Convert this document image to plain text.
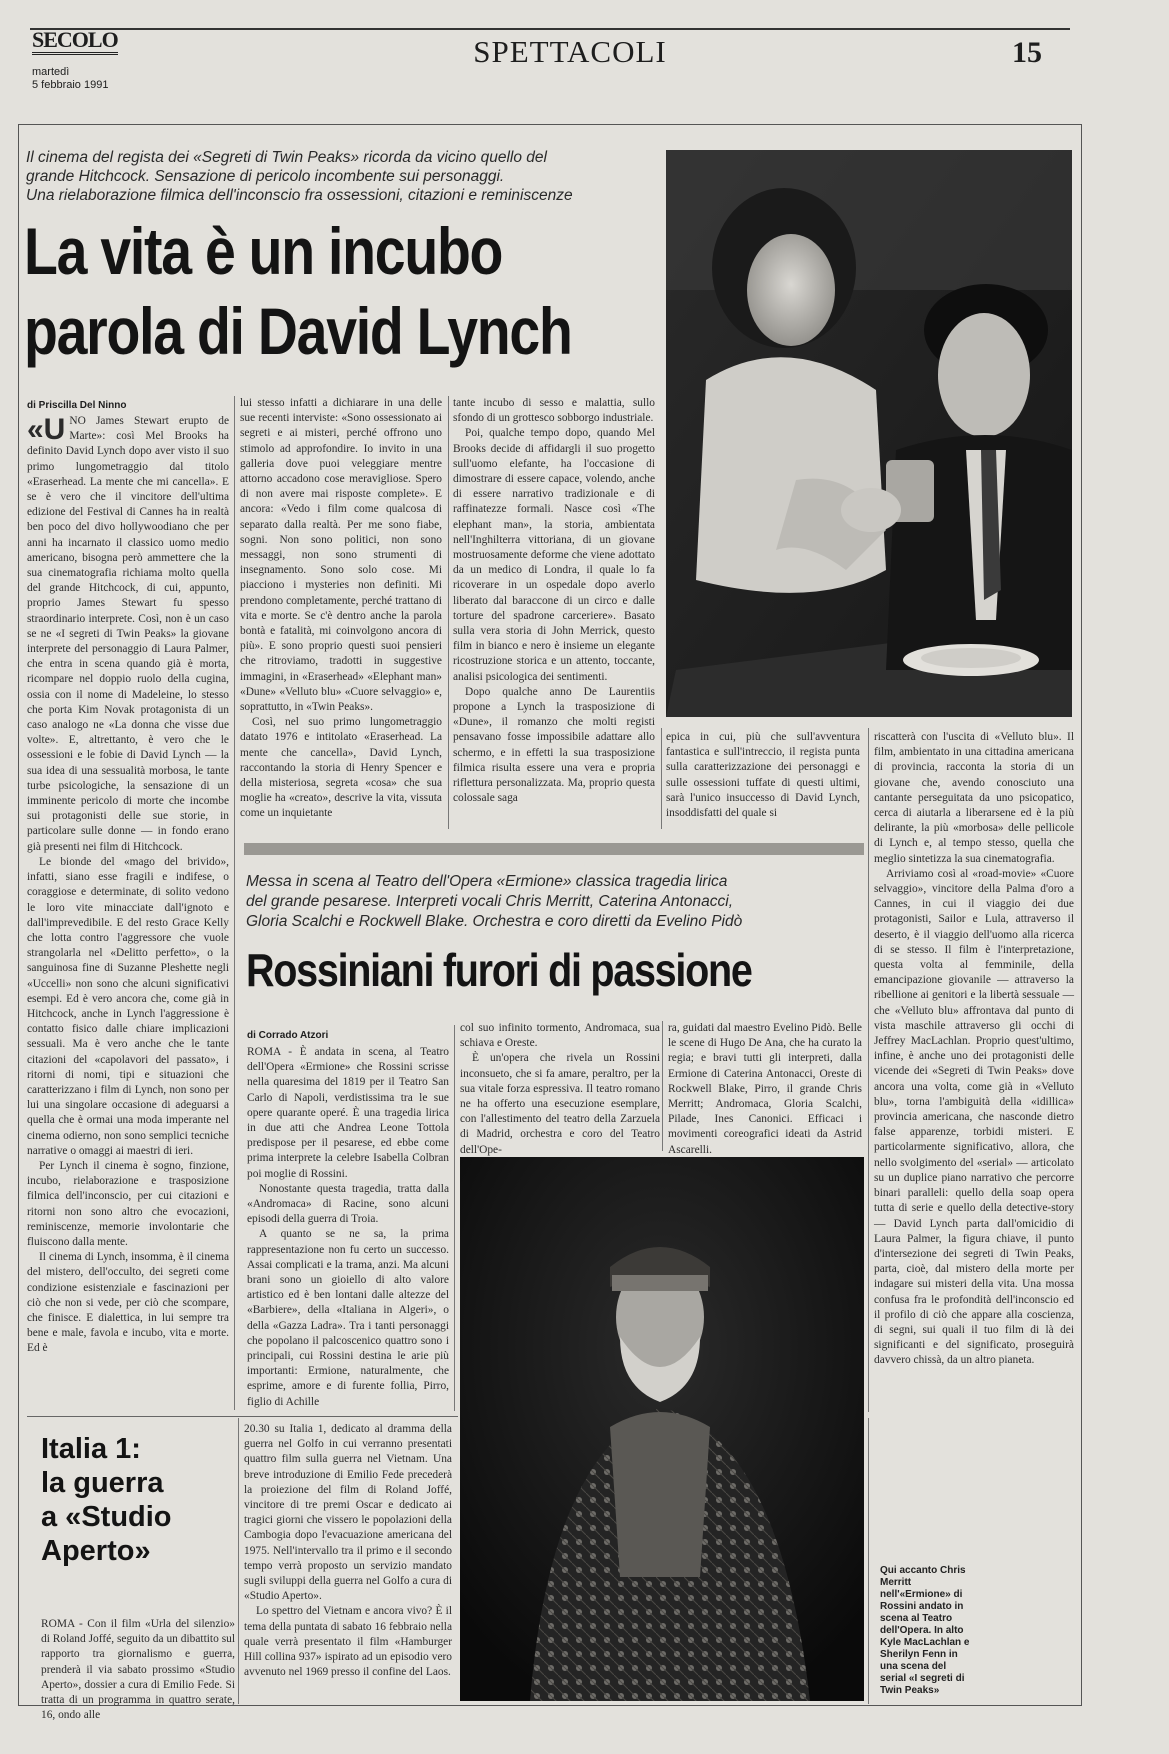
SECOLO
martedì
5 febbraio 1991
SPETTACOLI	15
Il cinema del regista dei «Segreti di Twin Peaks» ricorda da vicino quello del
grande Hitchcock. Sensazione di pericolo incombente sui personaggi.
Una rielaborazione filmica dell'inconscio fra ossessioni, citazioni e reminiscenze
La vita è un incubo
parola di David Lynch
di Priscilla Del Ninno

«UNO James Stewart erupto de Marte»: così Mel Brooks ha definito David Lynch dopo aver visto il suo primo lungometraggio dal titolo «Eraserhead. La mente che mi cancella». E se è vero che il vincitore dell'ultima edizione del Festival di Cannes ha in realtà ben poco del divo hollywoodiano che per anni ha incarnato il classico uomo medio americano, bisogna però ammettere che la sua cinematografia richiama molto quella del grande Hitchcock, di cui, appunto, proprio James Stewart fu spesso straordinario interprete. Così, non è un caso se ne «I segreti di Twin Peaks» la giovane interprete del personaggio di Laura Palmer, che entra in scena quando già è morta, ricompare nel doppio ruolo della cugina, ossia con il nome di Madeleine, lo stesso che porta Kim Novak protagonista di un caso analogo ne «La donna che visse due volte». E, altrettanto, è vero che le ossessioni e le fobie di David Lynch — la sua idea di una sessualità morbosa, le tante turbe psicologiche, la sensazione di un imminente pericolo di morte che incombe sui protagonisti delle sue storie, in particolare sulle donne — in fondo erano già presenti nei film di Hitchcock.

Le bionde del «mago del brivido», infatti, siano esse fragili e indifese, o coraggiose e determinate, di solito vedono le loro vite minacciate dall'ignoto e dall'imprevedibile. E del resto Grace Kelly che lotta contro l'aggressore che vuole strangolarla nel «Delitto perfetto», o la sanguinosa fine di Suzanne Pleshette negli «Uccelli» non sono che alcuni significativi esempi. Ed è vero ancora che, come già in Hitchcock, anche in Lynch l'aggressione è contatto fisico dalle chiare implicazioni sessuali. Ma è vero anche che le tante citazioni del «capolavori del passato», i ritorni di nomi, tipi e situazioni che caratterizzano i film di Lynch, non sono per lui una singolare occasione di adeguarsi a quella che è ormai una moda imperante nel cinema odierno, non sono semplici tecniche narrative o omaggi ai maestri di ieri.

Per Lynch il cinema è sogno, finzione, incubo, rielaborazione e trasposizione filmica dell'inconscio, per cui citazioni e ritorni non sono altro che evocazioni, reminiscenze, memorie involontarie che fluiscono dalla mente.

Il cinema di Lynch, insomma, è il cinema del mistero, dell'occulto, dei segreti come condizione esistenziale e fascinazioni per ciò che non si vede, per ciò che scompare, che finisce. E dialettica, in lui sempre tra bene e male, favola e incubo, vita e morte. Ed è

lui stesso infatti a dichiarare in una delle sue recenti interviste: «Sono ossessionato ai segreti e ai misteri, perché offrono uno stimolo ad approfondire. Io invito in una galleria dove puoi veleggiare mentre attorno accadono cose meravigliose. Spero di non avere mai risposte complete». E ancora: «Vedo i film come qualcosa di separato dalla realtà. Per me sono fiabe, sogni. Non sono politici, non sono messaggi, non sono strumenti di insegnamento. Sono solo cose. Mi piacciono i mysteries non definiti. Mi prendono completamente, perché trattano di vita e morte. Se c'è dentro anche la parola bontà e fatalità, mi coinvolgono ancora di più». E sono proprio questi suoi pensieri che ritroviamo, tradotti in suggestive immagini, in «Eraserhead» «Elephant man» «Dune» «Velluto blu» «Cuore selvaggio» e, soprattutto, in «Twin Peaks».

Così, nel suo primo lungometraggio datato 1976 e intitolato «Eraserhead. La mente che cancella», David Lynch, raccontando la storia di Henry Spencer e della misteriosa, segreta «cosa» che sua moglie ha «creato», descrive la vita, vissuta come un inquietante

tante incubo di sesso e malattia, sullo sfondo di un grottesco sobborgo industriale.

Poi, qualche tempo dopo, quando Mel Brooks decide di affidargli il suo progetto sull'uomo elefante, ha l'occasione di dimostrare di essere capace, volendo, anche di essere narrativo tradizionale e di raffinatezze formali. Nasce così «The elephant man», la storia, ambientata nell'Inghilterra vittoriana, di un giovane mostruosamente deforme che viene adottato da un medico di Londra, il quale lo fa ricoverare in un ospedale dopo averlo liberato dal baraccone di un circo e dalle torture del spadrone carceriere». Basato sulla vera storia di John Merrick, questo film in bianco e nero è insieme un elegante ricostruzione storica e un attento, toccante, analisi psicologica dei sentimenti.

Dopo qualche anno De Laurentiis propone a Lynch la trasposizione di «Dune», il romanzo che molti registi pensavano fosse impossibile adattare allo schermo, e in effetti la sua trasposizione filmica risulta essere una vera e propria riflettura personalizzata. Ma, proprio questa colossale saga

epica in cui, più che sull'avventura fantastica e sull'intreccio, il regista punta sulla caratterizzazione dei personaggi e sulle ossessioni tuffate di questi ultimi, sarà l'unico insuccesso di David Lynch, insoddisfatti del quale si

riscatterà con l'uscita di «Velluto blu». Il film, ambientato in una cittadina americana di provincia, racconta la storia di un giovane che, avendo conosciuto una cantante perseguitata da uno psicopatico, cerca di aiutarla a liberarsene ed è la più delirante, la più «morbosa» delle pellicole di Lynch e, al tempo stesso, quella che meglio sintetizza la sua cinematografia.

Arriviamo così al «road-movie» «Cuore selvaggio», vincitore della Palma d'oro a Cannes, in cui il viaggio dei due protagonisti, Sailor e Lula, attraverso il deserto, è il viaggio dell'uomo alla ricerca di se stesso. Il film è l'interpretazione, questa volta al femminile, della emancipazione giovanile — attraverso la ribellione ai genitori e la libertà sessuale — che «Velluto blu» affrontava dal punto di vista maschile attraverso gli occhi di Jeffrey MacLachlan. Proprio quest'ultimo, infine, è anche uno dei protagonisti delle vicende dei «Segreti di Twin Peaks» dove ancora una volta, come già in «Velluto blu», torna l'ambiguità della «idillica» provincia americana, che nasconde dietro false apparenze, torbidi misteri. E particolarmente significativo, allora, che nello svolgimento del «serial» — articolato su un duplice piano narrativo che percorre binari paralleli: quello della soap opera tutta di serie e quello della detective-story — David Lynch parta dall'omicidio di Laura Palmer, la figura chiave, il punto d'intersezione dei segreti di Twin Peaks, parta, cioè, dal mistero della morte per indagare sui misteri della vita. Una mossa confusa fra le profondità dell'inconscio ed il profilo di ciò che appare alla coscienza, di segni, sui quali il tuo film di là dei significanti e del significato, proseguirà davvero chissà, da un altro pianeta.

Messa in scena al Teatro dell'Opera «Ermione» classica tragedia lirica
del grande pesarese. Interpreti vocali Chris Merritt, Caterina Antonacci,
Gloria Scalchi e Rockwell Blake. Orchestra e coro diretti da Evelino Pidò
Rossiniani furori di passione
di Corrado Atzori

ROMA - È andata in scena, al Teatro dell'Opera «Ermione» che Rossini scrisse nella quaresima del 1819 per il Teatro San Carlo di Napoli, verdistissima tra le sue opere quarante operé. È una tragedia lirica in due atti che Andrea Leone Tottola predispose per il pesarese, ed ebbe come prima interprete la celebre Isabella Colbran poi moglie di Rossini.

Nonostante questa tragedia, tratta dalla «Andromaca» di Racine, sono alcuni episodi della guerra di Troia.

A quanto se ne sa, la prima rappresentazione non fu certo un successo. Assai complicati e la trama, anzi. Ma alcuni brani sono un gioiello di alto valore artistico ed è ben lontani dalle altezze del «Barbiere», della «Italiana in Algeri», o della «Gazza Ladra». Tra i tanti personaggi che popolano il palcoscenico quattro sono i principali, cui Rossini destina le arie più importanti: Ermione, naturalmente, che esprime, amore e di furente follia, Pirro, figlio di Achille

col suo infinito tormento, Andromaca, sua schiava e Oreste.

È un'opera che rivela un Rossini inconsueto, che si fa amare, peraltro, per la sua vitale forza espressiva. Il teatro romano ne ha offerto una esecuzione esemplare, con l'allestimento del teatro della Zarzuela di Madrid, orchestra e coro del Teatro dell'Ope-

ra, guidati dal maestro Evelino Pidò. Belle le scene di Hugo De Ana, che ha curato la regia; e bravi tutti gli interpreti, dalla Ermione di Caterina Antonacci, Oreste di Rockwell Blake, Pirro, il grande Chris Merritt; Andromaca, Gloria Scalchi, Pilade, Ines Canonici. Efficaci i movimenti coreografici ideati da Astrid Ascarelli.

Qui accanto Chris Merritt nell'«Ermione» di Rossini andato in scena al Teatro dell'Opera. In alto Kyle MacLachlan e Sherilyn Fenn in una scena del serial «I segreti di Twin Peaks»
Italia 1:
la guerra
a «Studio
Aperto»

ROMA - Con il film «Urla del silenzio» di Roland Joffé, seguito da un dibattito sul rapporto tra giornalismo e guerra, prenderà il via sabato prossimo «Studio Aperto», dossier a cura di Emilio Fede. Si tratta di un programma in quattro serate, 16, ondo alle

20.30 su Italia 1, dedicato al dramma della guerra nel Golfo in cui verranno presentati quattro film sulla guerra nel Vietnam. Una breve introduzione di Emilio Fede precederà la proiezione del film di Roland Joffé, vincitore di tre premi Oscar e dedicato ai tragici giorni che vissero le popolazioni della Cambogia dopo l'evacuazione americana del 1975. Nell'intervallo tra il primo e il secondo tempo verrà proposto un servizio mandato sugli sviluppi della guerra nel Golfo a cura di «Studio Aperto».

Lo spettro del Vietnam e ancora vivo? È il tema della puntata di sabato 16 febbraio nella quale verrà presentato il film «Hamburger Hill collina 937» ispirato ad un episodio vero avvenuto nel 1969 presso il confine del Laos.
